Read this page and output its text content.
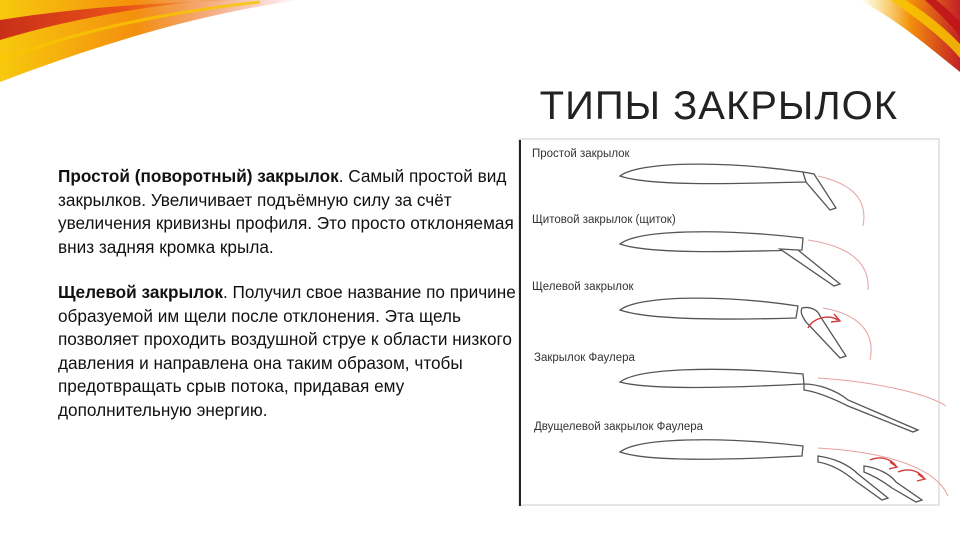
ТИПЫ ЗАКРЫЛОК

Простой (поворотный) закрылок. Самый простой вид закрылков. Увеличивает подъёмную силу за счёт увеличения кривизны профиля. Это просто отклоняемая вниз задняя кромка крыла.

Щелевой закрылок. Получил свое название по причине образуемой им щели после отклонения. Эта щель позволяет проходить воздушной струе к области низкого давления и направлена она таким образом, чтобы предотвращать срыв потока, придавая ему дополнительную энергию.

Простой закрылок
Щитовой закрылок (щиток)
Щелевой закрылок
Закрылок Фаулера
Двущелевой закрылок Фаулера
